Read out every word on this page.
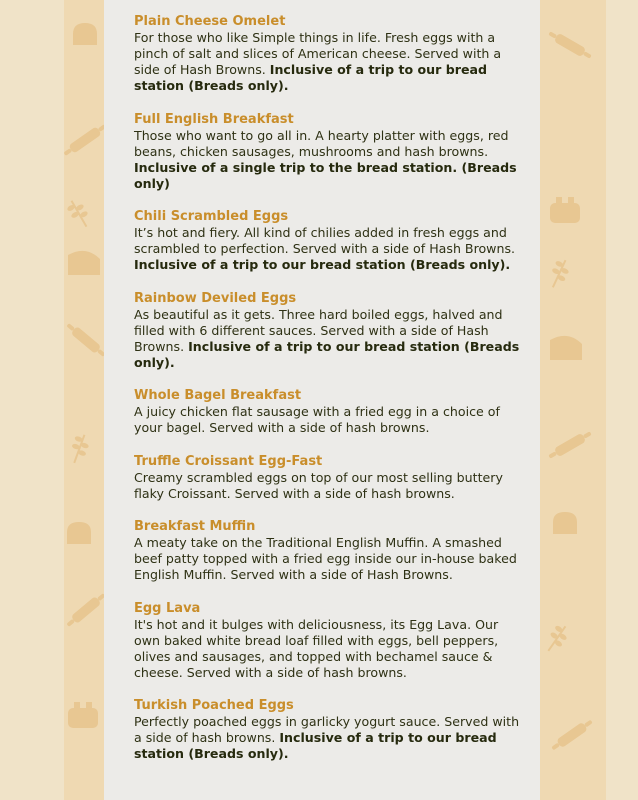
Plain Cheese Omelet

For those who like Simple things in life. Fresh eggs with a pinch of salt and slices of American cheese. Served with a side of Hash Browns. Inclusive of a trip to our bread station (Breads only).

Full English Breakfast

Those who want to go all in. A hearty platter with eggs, red beans, chicken sausages, mushrooms and hash browns. Inclusive of a single trip to the bread station. (Breads only)

Chili Scrambled Eggs

It’s hot and fiery. All kind of chilies added in fresh eggs and scrambled to perfection. Served with a side of Hash Browns. Inclusive of a trip to our bread station (Breads only).

Rainbow Deviled Eggs

As beautiful as it gets. Three hard boiled eggs, halved and filled with 6 different sauces. Served with a side of Hash Browns. Inclusive of a trip to our bread station (Breads only).

Whole Bagel Breakfast

A juicy chicken flat sausage with a fried egg in a choice of your bagel. Served with a side of hash browns.

Truffle Croissant Egg-Fast

Creamy scrambled eggs on top of our most selling buttery flaky Croissant. Served with a side of hash browns.

Breakfast Muffin

A meaty take on the Traditional English Muffin. A smashed beef patty topped with a fried egg inside our in-house baked English Muffin. Served with a side of Hash Browns.

Egg Lava

It's hot and it bulges with deliciousness, its Egg Lava. Our own baked white bread loaf filled with eggs, bell peppers, olives and sausages, and topped with bechamel sauce & cheese. Served with a side of hash browns.

Turkish Poached Eggs

Perfectly poached eggs in garlicky yogurt sauce. Served with a side of hash browns. Inclusive of a trip to our bread station (Breads only).
